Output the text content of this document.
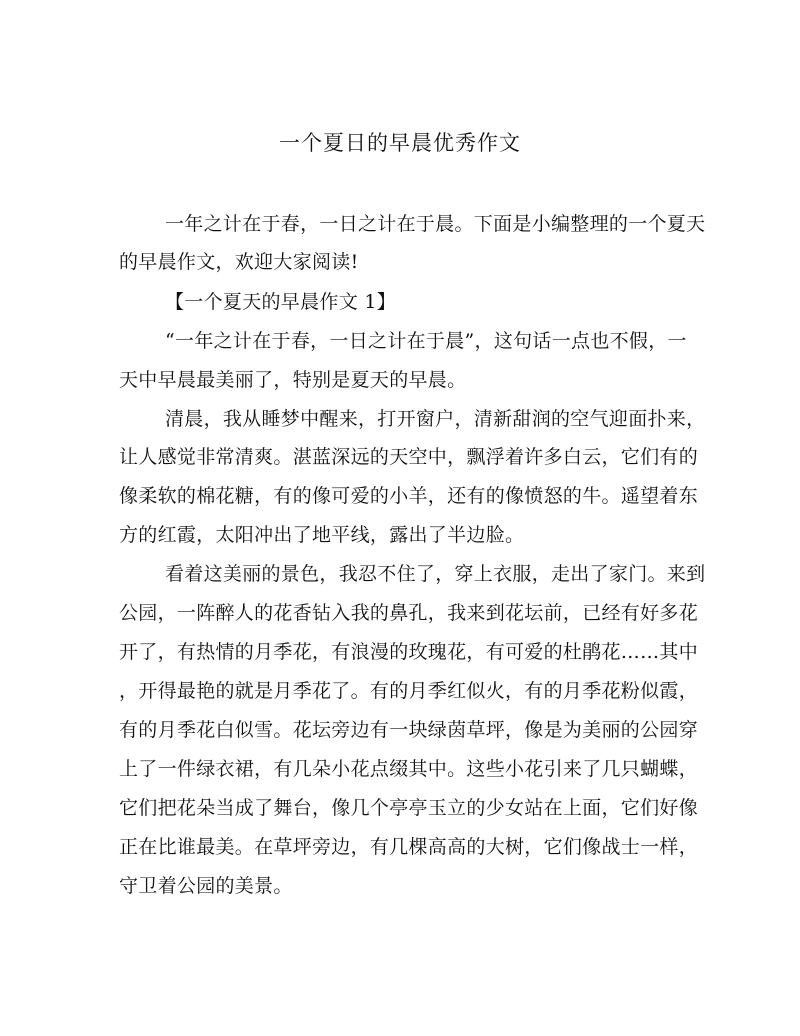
一个夏日的早晨优秀作文
一年之计在于春，一日之计在于晨。下面是小编整理的一个夏天
的早晨作文，欢迎大家阅读!
【一个夏天的早晨作文 1】
“一年之计在于春，一日之计在于晨”，这句话一点也不假，一
天中早晨最美丽了，特别是夏天的早晨。
清晨，我从睡梦中醒来，打开窗户，清新甜润的空气迎面扑来，
让人感觉非常清爽。湛蓝深远的天空中，飘浮着许多白云，它们有的
像柔软的棉花糖，有的像可爱的小羊，还有的像愤怒的牛。遥望着东
方的红霞，太阳冲出了地平线，露出了半边脸。
看着这美丽的景色，我忍不住了，穿上衣服，走出了家门。来到
公园，一阵醉人的花香钻入我的鼻孔，我来到花坛前，已经有好多花
开了，有热情的月季花，有浪漫的玫瑰花，有可爱的杜鹃花……其中
，开得最艳的就是月季花了。有的月季红似火，有的月季花粉似霞，
有的月季花白似雪。花坛旁边有一块绿茵草坪，像是为美丽的公园穿
上了一件绿衣裙，有几朵小花点缀其中。这些小花引来了几只蝴蝶，
它们把花朵当成了舞台，像几个亭亭玉立的少女站在上面，它们好像
正在比谁最美。在草坪旁边，有几棵高高的大树，它们像战士一样，
守卫着公园的美景。
